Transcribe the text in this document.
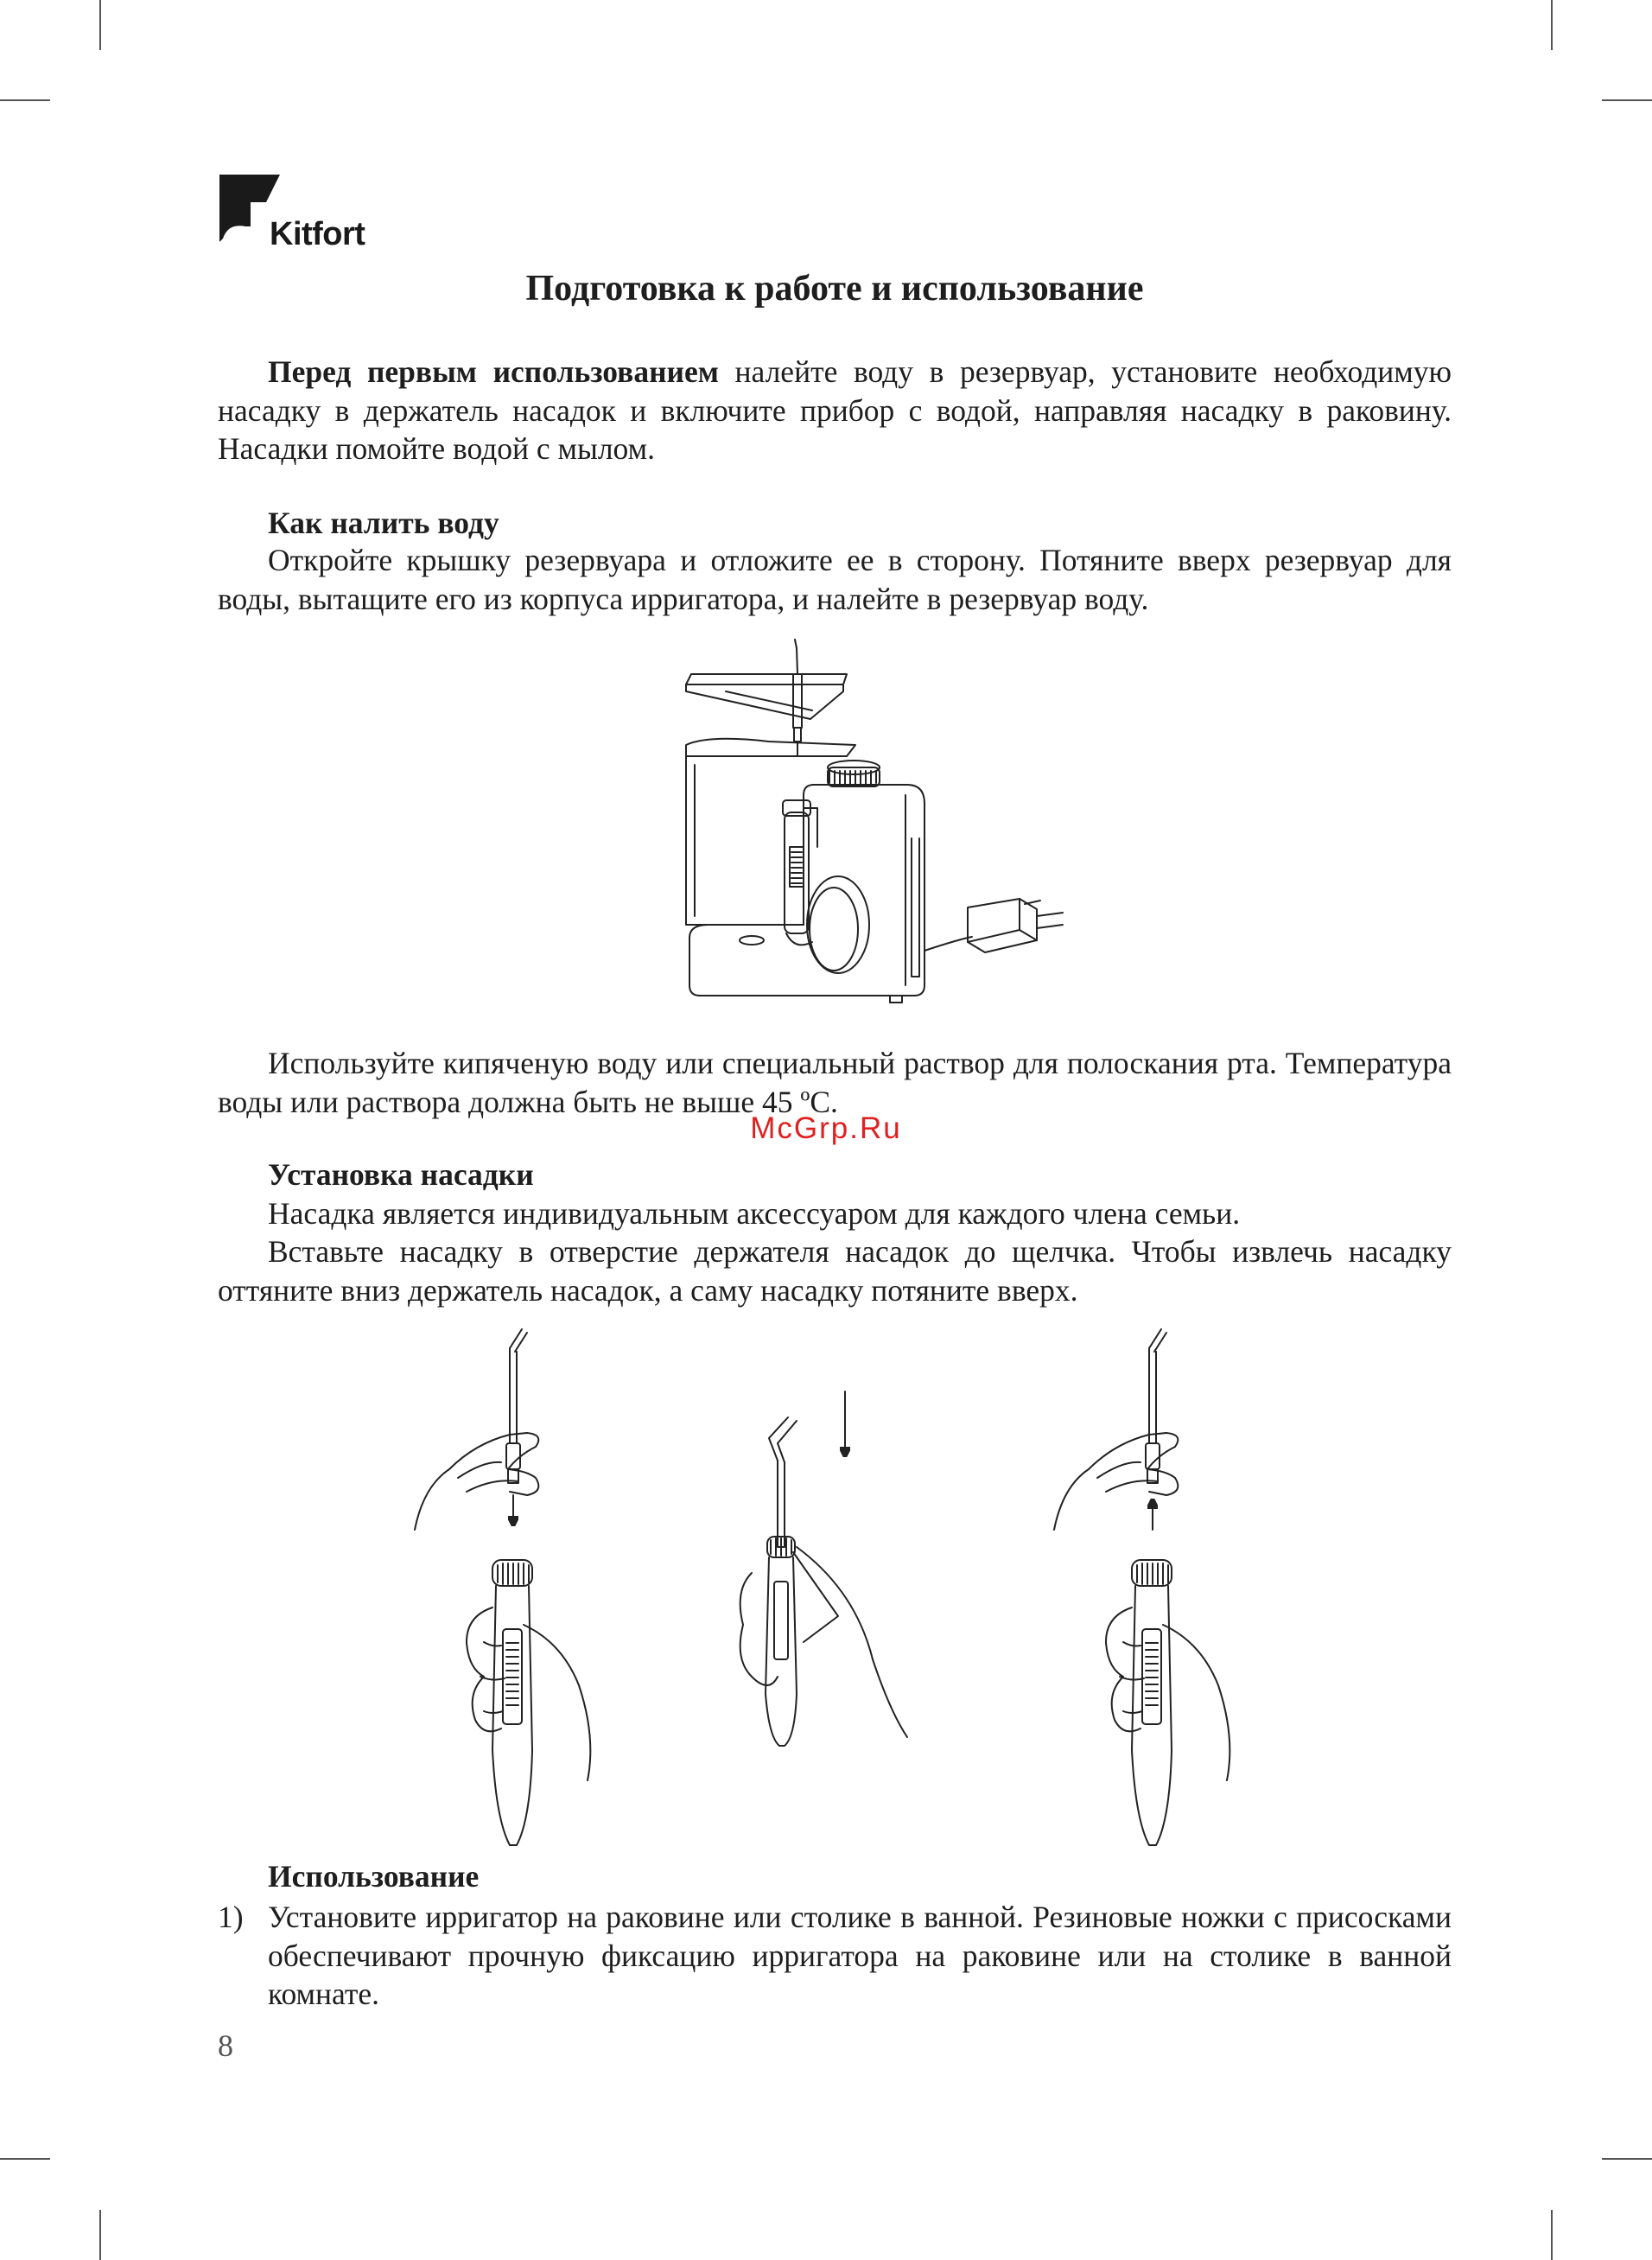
Kitfort
Подготовка к работе и использование

Перед первым использованием налейте воду в резервуар, установите необходимую насадку в держатель насадок и включите прибор с водой, направляя насадку в раковину. Насадки помойте водой с мылом.

Как налить воду

Откройте крышку резервуара и отложите ее в сторону. Потяните вверх резервуар для воды, вытащите его из корпуса ирригатора, и налейте в резервуар воду.

Используйте кипяченую воду или специальный раствор для полоскания рта. Температура воды или раствора должна быть не выше 45 ºС.

McGrp.Ru
Установка насадки

Насадка является индивидуальным аксессуаром для каждого члена семьи.

Вставьте насадку в отверстие держателя насадок до щелчка. Чтобы извлечь насадку оттяните вниз держатель насадок, а саму насадку потяните вверх.

Использование
1) Установите ирригатор на раковине или столике в ванной. Резиновые ножки с присосками обеспечивают прочную фиксацию ирригатора на раковине или на столике в ванной комнате.
8
